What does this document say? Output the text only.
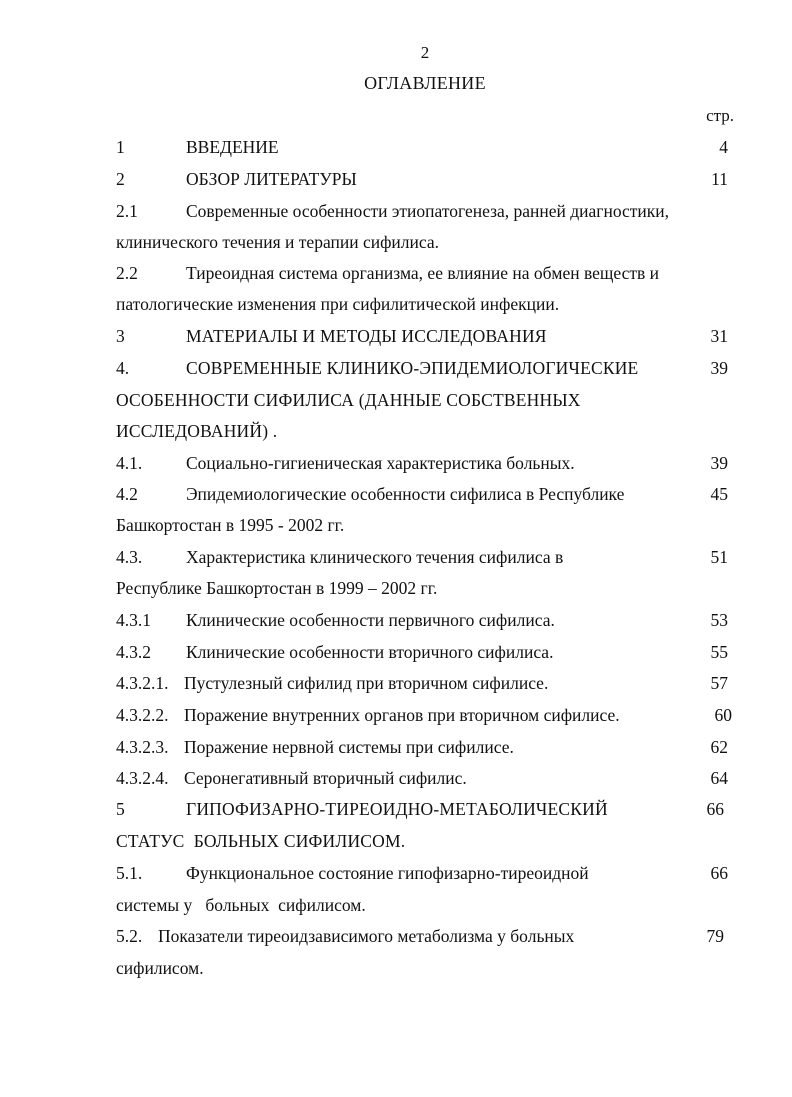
2
ОГЛАВЛЕНИЕ
стр.
1	ВВЕДЕНИЕ	4
2	ОБЗОР ЛИТЕРАТУРЫ	11
2.1	Современные особенности этиопатогенеза, ранней диагностики,
клинического течения и терапии сифилиса.
2.2	Тиреоидная система организма, ее влияние на обмен веществ и
патологические изменения при сифилитической инфекции.
3	МАТЕРИАЛЫ И МЕТОДЫ ИССЛЕДОВАНИЯ	31
4.	СОВРЕМЕННЫЕ КЛИНИКО-ЭПИДЕМИОЛОГИЧЕСКИЕ	39
ОСОБЕННОСТИ СИФИЛИСА (ДАННЫЕ СОБСТВЕННЫХ
ИССЛЕДОВАНИЙ) .
4.1.	Социально-гигиеническая характеристика больных.	39
4.2	Эпидемиологические особенности сифилиса в Республике	45
Башкортостан в 1995 - 2002 гг.
4.3.	Характеристика клинического течения сифилиса в	51
Республике Башкортостан в 1999 – 2002 гг.
4.3.1 Клинические особенности первичного сифилиса.	53
4.3.2 Клинические особенности вторичного сифилиса.	55
4.3.2.1. Пустулезный сифилид при вторичном сифилисе.	57
4.3.2.2. Поражение внутренних органов при вторичном сифилисе.	60
4.3.2.3. Поражение нервной системы при сифилисе.	62
4.3.2.4. Серонегативный вторичный сифилис.	64
5	ГИПОФИЗАРНО-ТИРЕОИДНО-МЕТАБОЛИЧЕСКИЙ	66
СТАТУС  БОЛЬНЫХ СИФИЛИСОМ.
5.1.	Функциональное состояние гипофизарно-тиреоидной	66
системы у   больных  сифилисом.
5.2. Показатели тиреоидзависимого метаболизма у больных	79
сифилисом.
